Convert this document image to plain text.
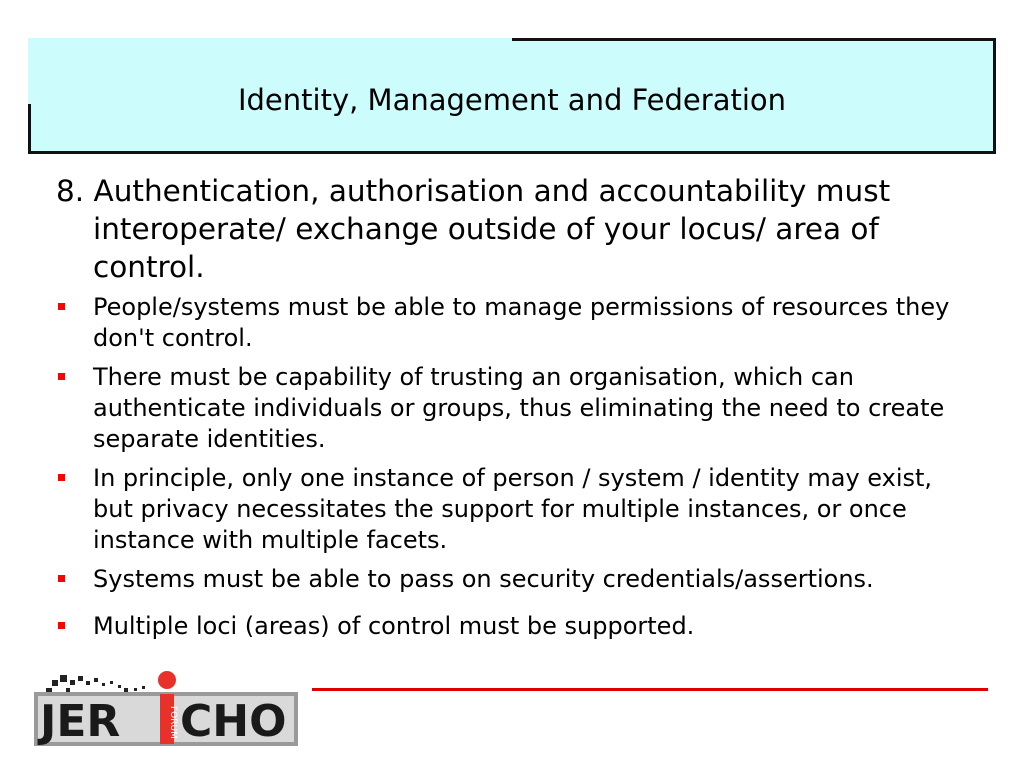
Identity, Management and Federation

8. Authentication, authorisation and accountability must interoperate/ exchange outside of your locus/ area of control.

People/systems must be able to manage permissions of resources they don't control.
There must be capability of trusting an organisation, which can authenticate individuals or groups, thus eliminating the need to create separate identities.
In principle, only one instance of person / system / identity may exist, but privacy necessitates the support for multiple instances, or once instance with multiple facets.
Systems must be able to pass on security credentials/assertions.
Multiple loci (areas) of control must be supported.
JER	FORUM CHO
